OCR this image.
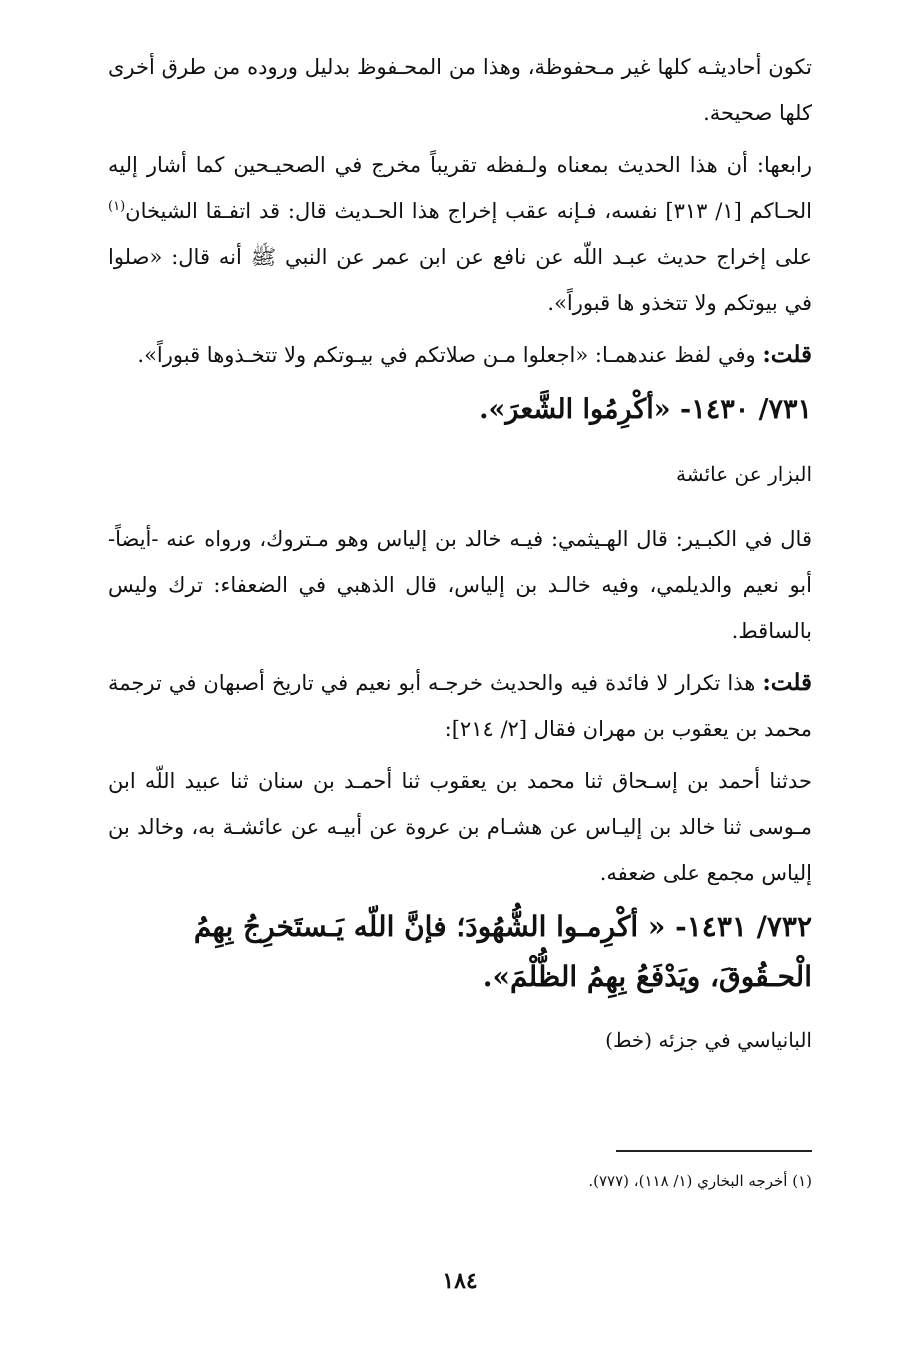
تكون أحاديثـه كلها غير مـحفوظة، وهذا من المحـفوظ بدليل وروده من طرق أخرى كلها صحيحة.

رابعها: أن هذا الحديث بمعناه ولـفظه تقريباً مخرج في الصحيـحين كما أشار إليه الحـاكم [١/ ٣١٣] نفسه، فـإنه عقب إخراج هذا الحـديث قال: قد اتفـقا الشيخان$^{(١)}$ على إخراج حديث عبـد اللّه عن نافع عن ابن عمر عن النبي ﷺ أنه قال: «صلوا في بيوتكم ولا تتخذو ها قبوراً».

قلت: وفي لفظ عندهمـا: «اجعلوا مـن صلاتكم في بيـوتكم ولا تتخـذوها قبوراً».

٧٣١/ ١٤٣٠- «أكْرِمُوا الشَّعرَ».

البزار عن عائشة

قال في الكبـير: قال الهـيثمي: فيـه خالد بن إلياس وهو مـتروك، ورواه عنه -أيضاً- أبو نعيم والديلمي، وفيه خالـد بن إلياس، قال الذهبي في الضعفاء: ترك وليس بالساقط.

قلت: هذا تكرار لا فائدة فيه والحديث خرجـه أبو نعيم في تاريخ أصبهان في ترجمة محمد بن يعقوب بن مهران فقال [٢/ ٢١٤]:

حدثنا أحمد بن إسـحاق ثنا محمد بن يعقوب ثنا أحمـد بن سنان ثنا عبيد اللّه ابن مـوسى ثنا خالد بن إليـاس عن هشـام بن عروة عن أبيـه عن عائشـة به، وخالد بن إلياس مجمع على ضعفه.

٧٣٢/ ١٤٣١- « أكْرِمـوا الشُّهُودَ؛ فإنَّ اللّه يَـستَخرِجُ بِهِمُ الْحـقُوقَ، ويَدْفَعُ بِهِمُ الظُّلْمَ».

البانياسي في جزئه (خط)

(١) أخرجه البخاري (١/ ١١٨)، (٧٧٧).
١٨٤
